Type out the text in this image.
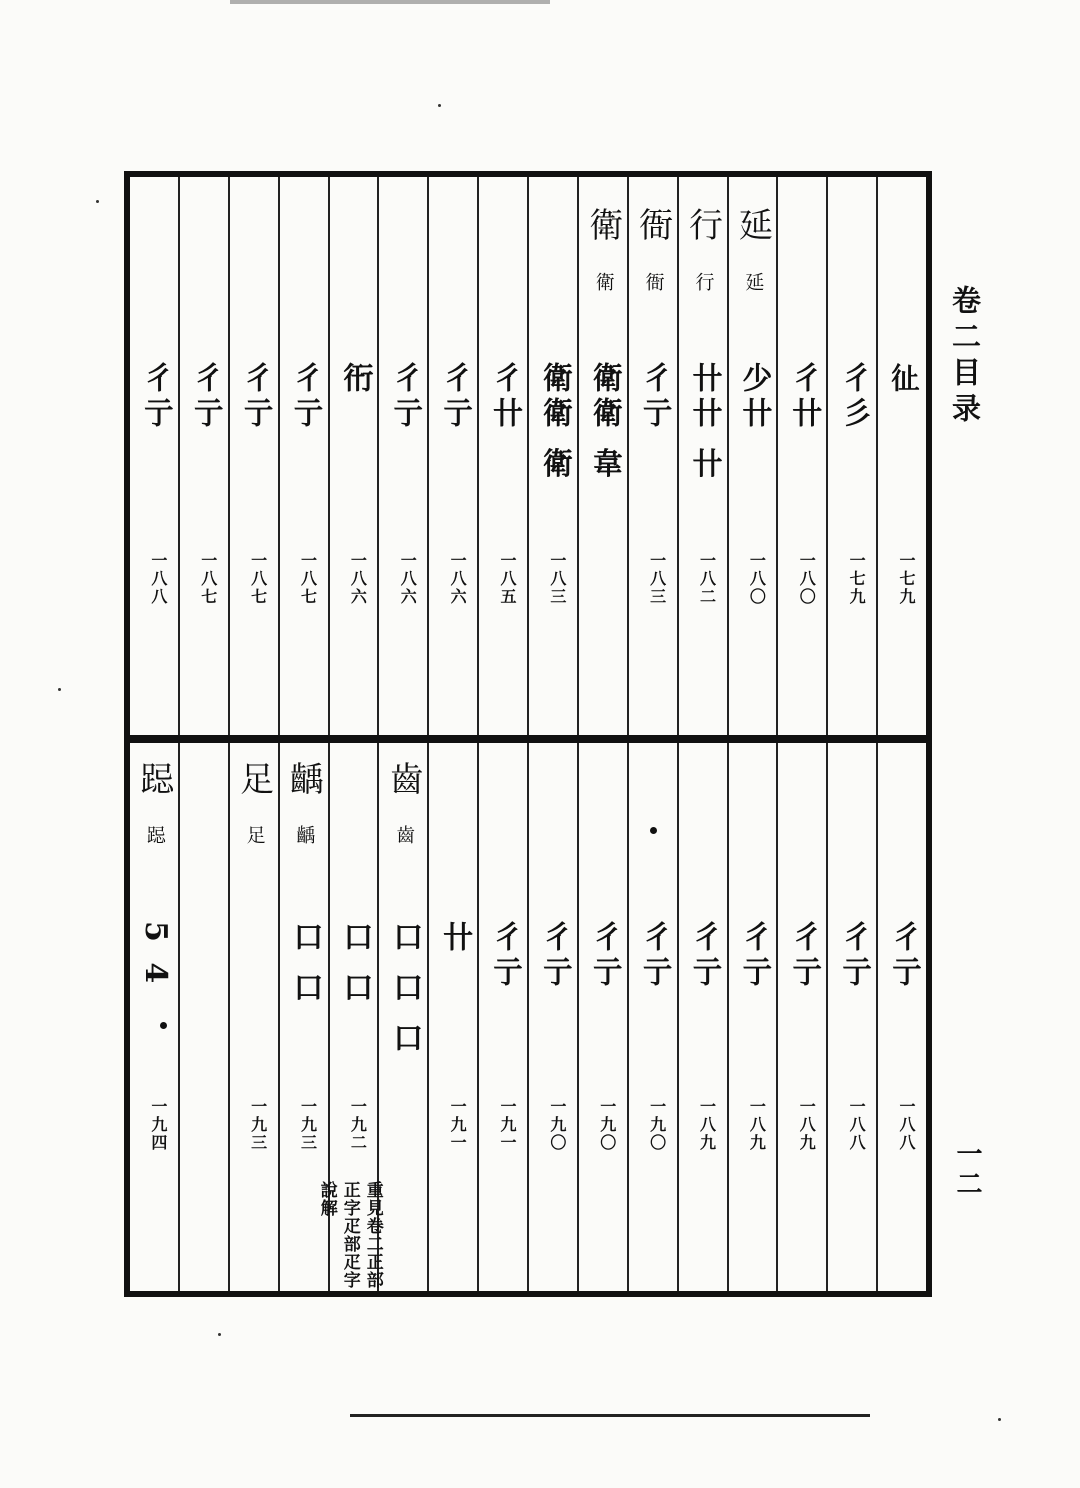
卷二目录
一二
𢓊
一七九
彳彡
一七九
彳卄
一八〇
延
延
少卄
一八〇
行
行
卄卄 卄
一八二
衙
衙
彳亍
一八三
衛
衛
衛衛 韋
衛衛 衛
一八三
彳卄
一八五
彳亍
一八六
彳亍
一八六
衎
一八六
彳亍
一八七
彳亍
一八七
彳亍
一八七
彳亍
一八八
彳亍
一八八
彳亍
一八八
彳亍
一八九
彳亍
一八九
彳亍
一八九
彳亍
一九〇
彳亍
一九〇
彳亍
一九〇
彳亍
一九一
卄
一九一
齒
齒
口 口 口
口 口
一九二
齲
齲
口 口
一九三
足
足
一九三
重見卷二正部正字疋部疋字說解
跽
跽
5 4
一九四
